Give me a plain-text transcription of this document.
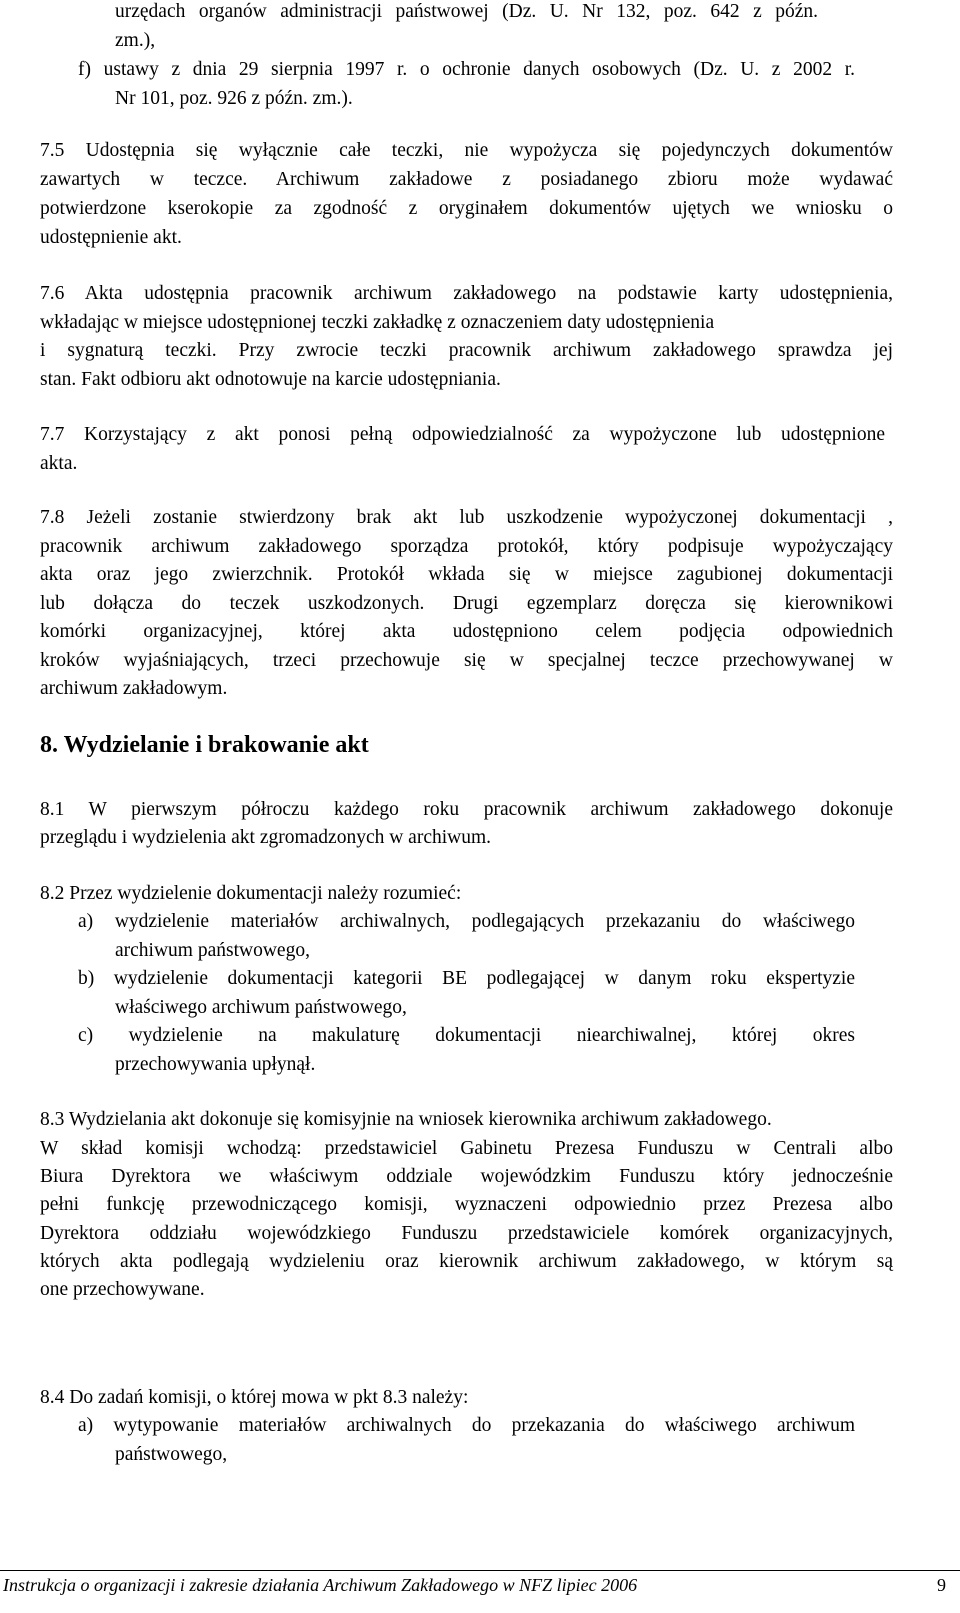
urzędach organów administracji państwowej (Dz. U. Nr 132, poz. 642 z późn.
zm.),
f) ustawy z dnia 29 sierpnia 1997 r. o ochronie danych osobowych (Dz. U. z 2002 r.
Nr 101, poz. 926 z późn. zm.).
7.5 Udostępnia się wyłącznie całe teczki, nie wypożycza się pojedynczych dokumentów
zawartych w teczce. Archiwum zakładowe z posiadanego zbioru może wydawać
potwierdzone kserokopie za zgodność z oryginałem dokumentów ujętych we wniosku o
udostępnienie akt.
7.6 Akta udostępnia pracownik archiwum zakładowego na podstawie karty udostępnienia,
wkładając w miejsce udostępnionej teczki zakładkę z oznaczeniem daty udostępnienia
i sygnaturą teczki. Przy zwrocie teczki pracownik archiwum zakładowego sprawdza jej
stan. Fakt odbioru akt odnotowuje na karcie udostępniania.
7.7 Korzystający z akt ponosi pełną odpowiedzialność za wypożyczone lub udostępnione
akta.
7.8 Jeżeli zostanie stwierdzony brak akt lub uszkodzenie wypożyczonej dokumentacji ,
pracownik archiwum zakładowego sporządza protokół, który podpisuje wypożyczający
akta oraz jego zwierzchnik. Protokół wkłada się w miejsce zagubionej dokumentacji
lub dołącza do teczek uszkodzonych. Drugi egzemplarz doręcza się kierownikowi
komórki organizacyjnej, której akta udostępniono celem podjęcia odpowiednich
kroków wyjaśniających, trzeci przechowuje się w specjalnej teczce przechowywanej w
archiwum zakładowym.
8.1 W pierwszym półroczu każdego roku pracownik archiwum zakładowego dokonuje
przeglądu i wydzielenia akt zgromadzonych w archiwum.
8.2 Przez wydzielenie dokumentacji należy rozumieć:
a) wydzielenie materiałów archiwalnych, podlegających przekazaniu do właściwego
archiwum państwowego,
b) wydzielenie dokumentacji kategorii BE podlegającej w danym roku ekspertyzie
właściwego archiwum państwowego,
c) wydzielenie na makulaturę dokumentacji niearchiwalnej, której okres
przechowywania upłynął.
8.3 Wydzielania akt dokonuje się komisyjnie na wniosek kierownika archiwum zakładowego.
W skład komisji wchodzą: przedstawiciel Gabinetu Prezesa Funduszu w Centrali albo
Biura Dyrektora we właściwym oddziale wojewódzkim Funduszu który jednocześnie
pełni funkcję przewodniczącego komisji, wyznaczeni odpowiednio przez Prezesa albo
Dyrektora oddziału wojewódzkiego Funduszu przedstawiciele komórek organizacyjnych,
których akta podlegają wydzieleniu oraz kierownik archiwum zakładowego, w którym są
one przechowywane.
8.4 Do zadań komisji, o której mowa w pkt 8.3 należy:
a) wytypowanie materiałów archiwalnych do przekazania do właściwego archiwum
państwowego,
8. Wydzielanie i brakowanie akt
Instrukcja o organizacji i zakresie działania Archiwum Zakładowego w NFZ lipiec 2006	9
